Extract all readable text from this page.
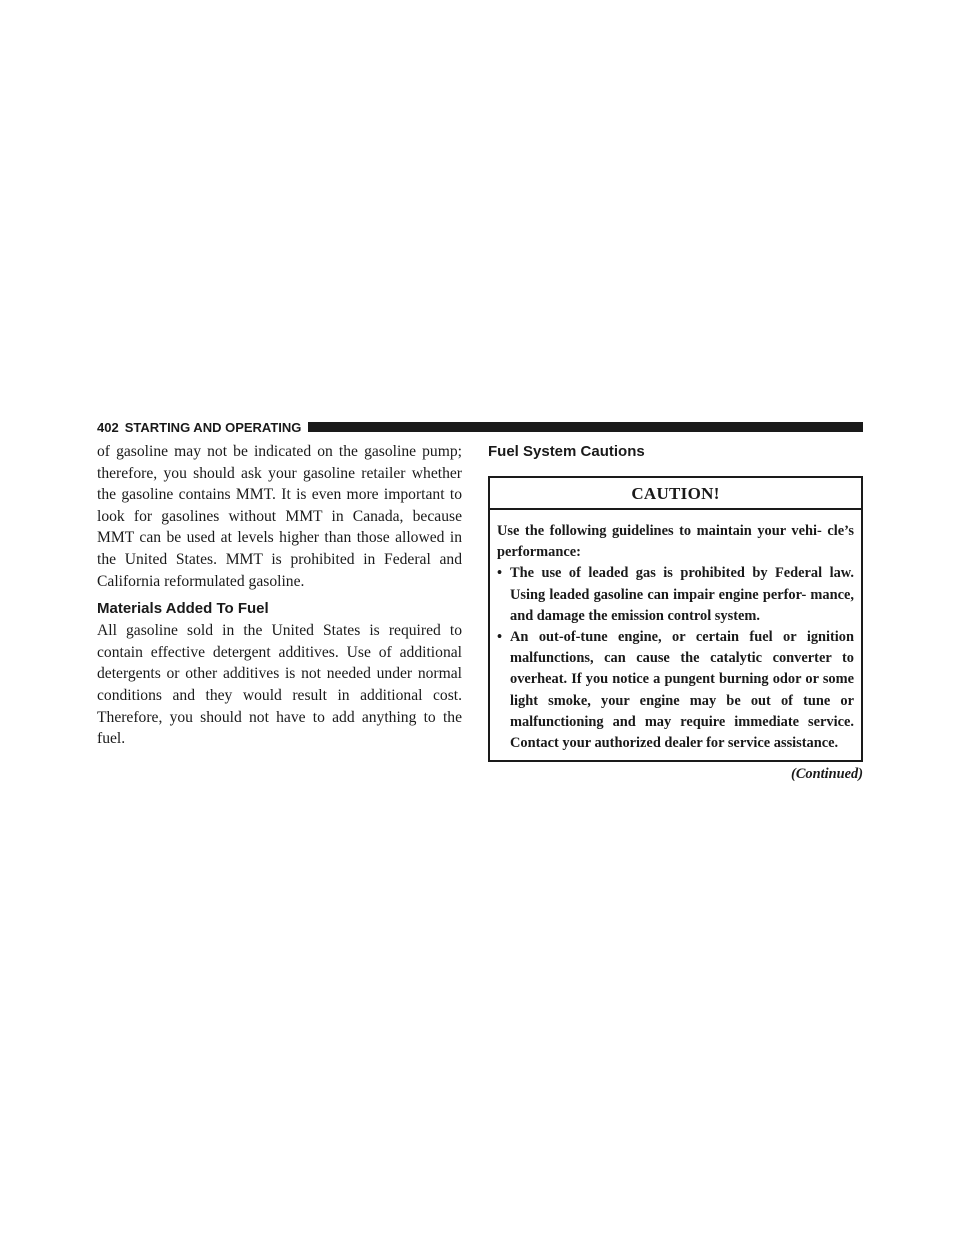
402 STARTING AND OPERATING

of gasoline may not be indicated on the gasoline pump; therefore, you should ask your gasoline retailer whether the gasoline contains MMT. It is even more important to look for gasolines without MMT in Canada, because MMT can be used at levels higher than those allowed in the United States. MMT is prohibited in Federal and California reformulated gasoline.

Materials Added To Fuel

All gasoline sold in the United States is required to contain effective detergent additives. Use of additional detergents or other additives is not needed under normal conditions and they would result in additional cost. Therefore, you should not have to add anything to the fuel.

Fuel System Cautions
CAUTION!

Use the following guidelines to maintain your vehi- cle’s performance:

• The use of leaded gas is prohibited by Federal law. Using leaded gasoline can impair engine perfor- mance, and damage the emission control system.
• An out-of-tune engine, or certain fuel or ignition malfunctions, can cause the catalytic converter to overheat. If you notice a pungent burning odor or some light smoke, your engine may be out of tune or malfunctioning and may require immediate service. Contact your authorized dealer for service assistance.
(Continued)
